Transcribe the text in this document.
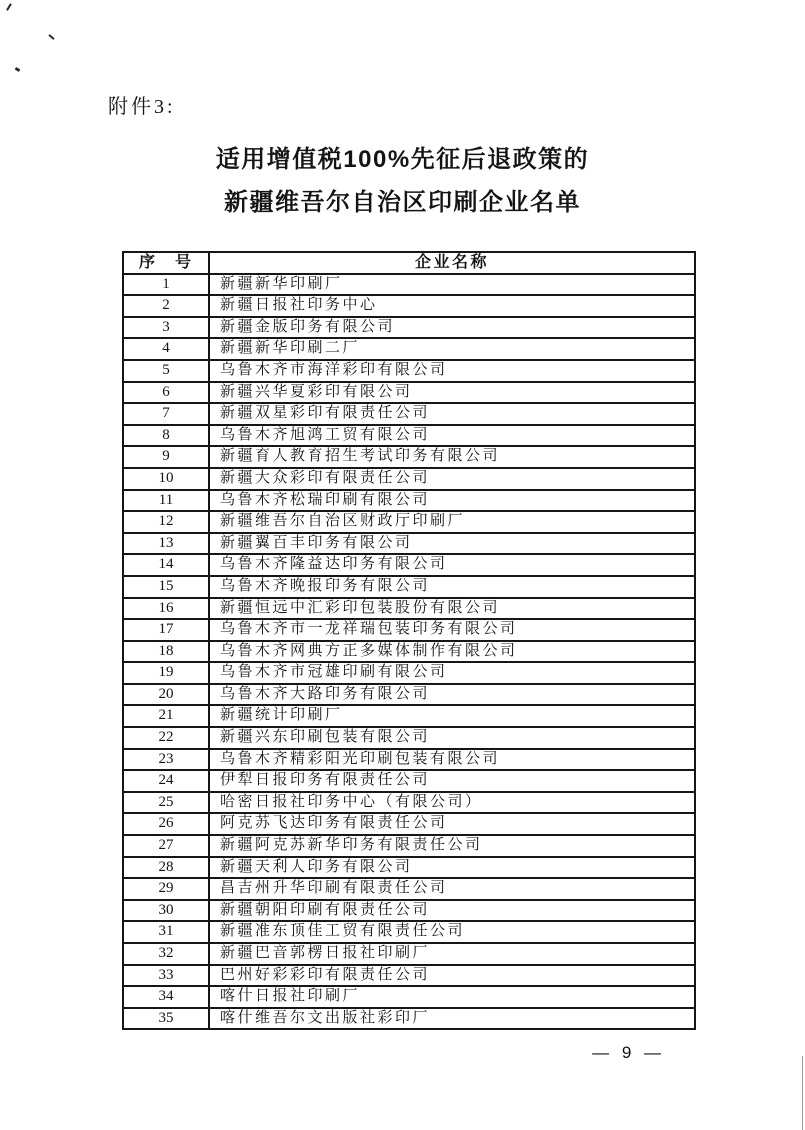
附件3:
适用增值税100%先征后退政策的
新疆维吾尔自治区印刷企业名单
序　号	企业名称
1	新疆新华印刷厂
2	新疆日报社印务中心
3	新疆金版印务有限公司
4	新疆新华印刷二厂
5	乌鲁木齐市海洋彩印有限公司
6	新疆兴华夏彩印有限公司
7	新疆双星彩印有限责任公司
8	乌鲁木齐旭鸿工贸有限公司
9	新疆育人教育招生考试印务有限公司
10	新疆大众彩印有限责任公司
11	乌鲁木齐松瑞印刷有限公司
12	新疆维吾尔自治区财政厅印刷厂
13	新疆翼百丰印务有限公司
14	乌鲁木齐隆益达印务有限公司
15	乌鲁木齐晚报印务有限公司
16	新疆恒远中汇彩印包装股份有限公司
17	乌鲁木齐市一龙祥瑞包装印务有限公司
18	乌鲁木齐网典方正多媒体制作有限公司
19	乌鲁木齐市冠雄印刷有限公司
20	乌鲁木齐大路印务有限公司
21	新疆统计印刷厂
22	新疆兴东印刷包装有限公司
23	乌鲁木齐精彩阳光印刷包装有限公司
24	伊犁日报印务有限责任公司
25	哈密日报社印务中心（有限公司）
26	阿克苏飞达印务有限责任公司
27	新疆阿克苏新华印务有限责任公司
28	新疆天利人印务有限公司
29	昌吉州升华印刷有限责任公司
30	新疆朝阳印刷有限责任公司
31	新疆准东顶佳工贸有限责任公司
32	新疆巴音郭楞日报社印刷厂
33	巴州好彩彩印有限责任公司
34	喀什日报社印刷厂
35	喀什维吾尔文出版社彩印厂
— 9 —
